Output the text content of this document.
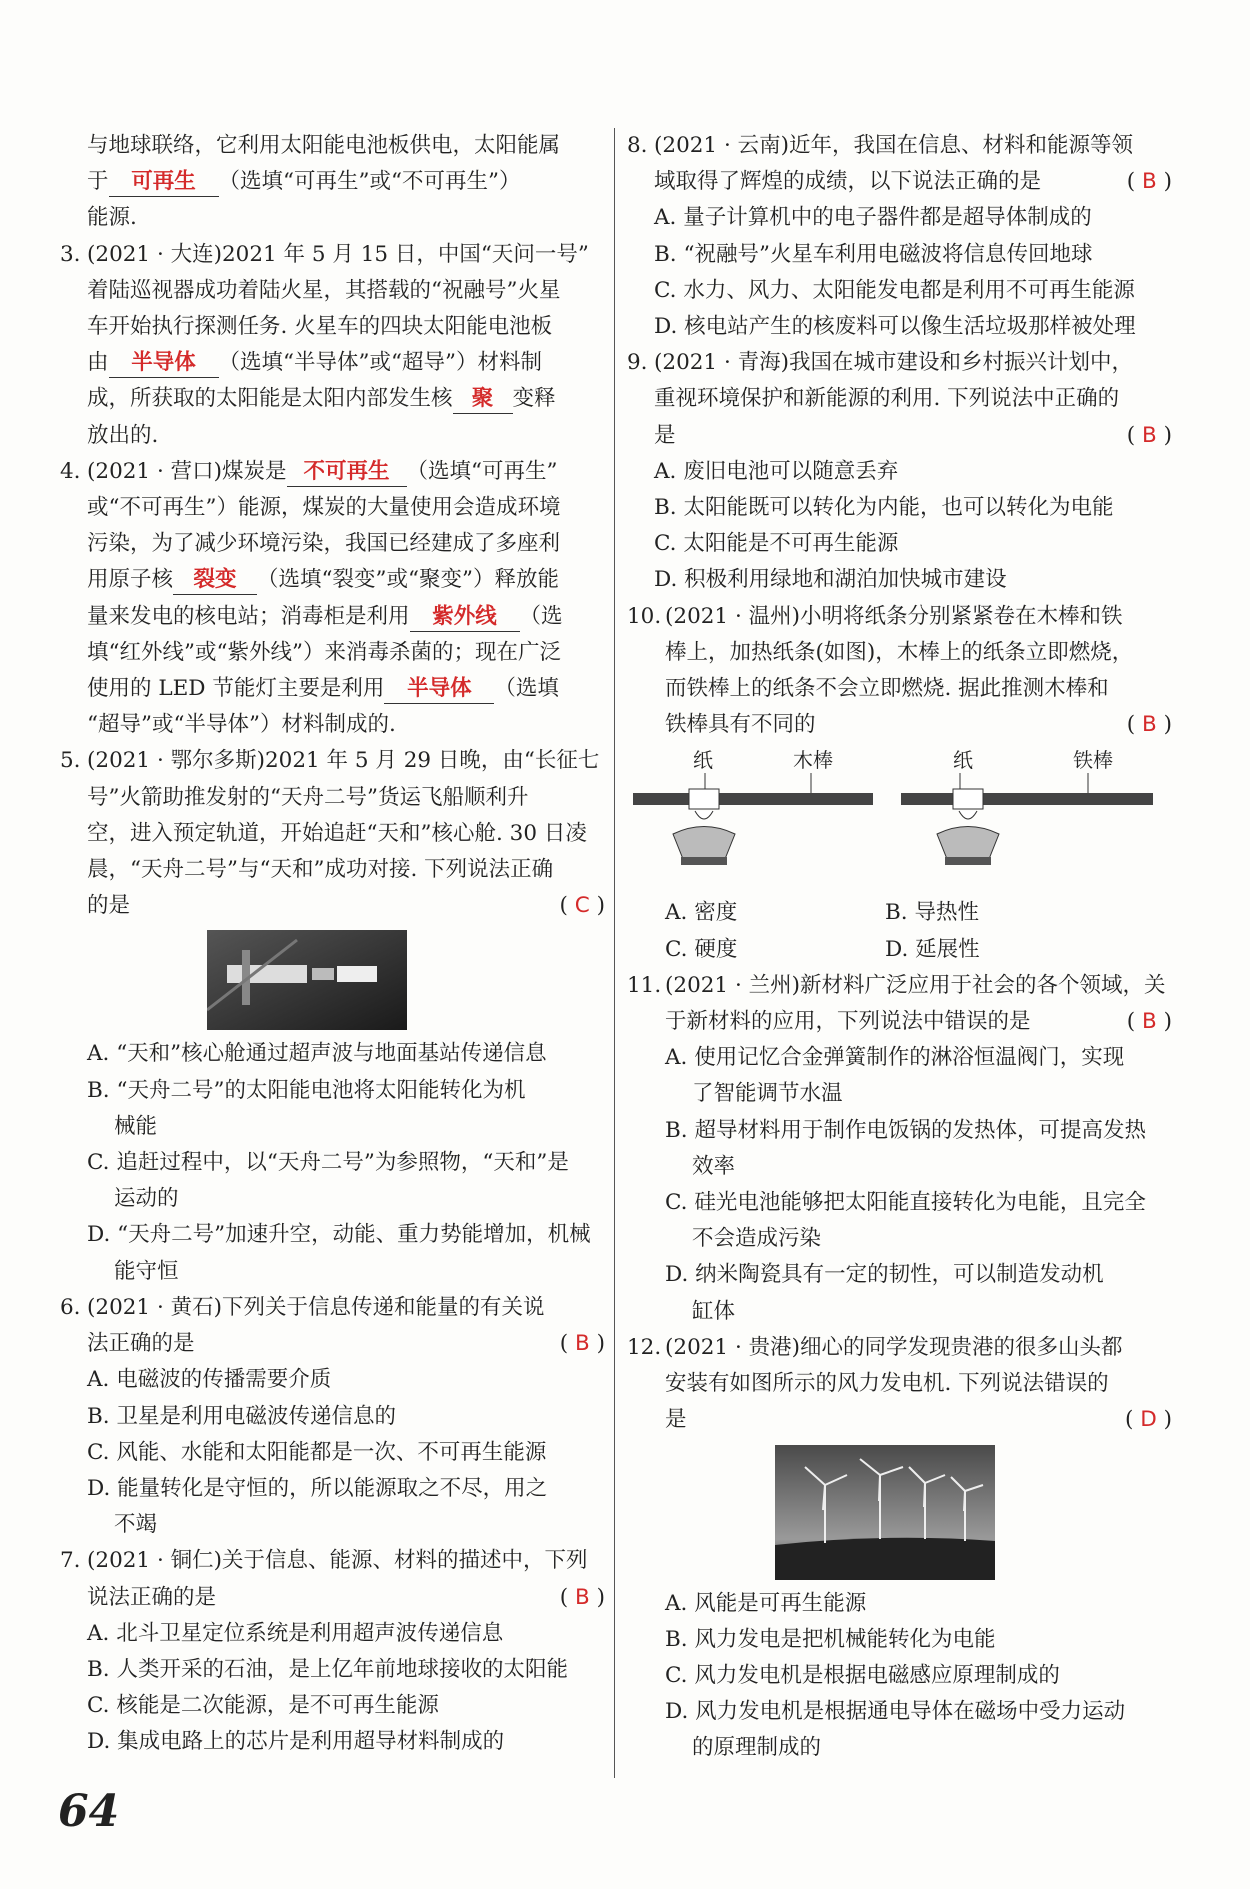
与地球联络，它利用太阳能电池板供电，太阳能属
于 可再生 （选填“可再生”或“不可再生”）
能源.
3. (2021 · 大连)2021 年 5 月 15 日，中国“天问一号”
着陆巡视器成功着陆火星，其搭载的“祝融号”火星
车开始执行探测任务. 火星车的四块太阳能电池板
由 半导体 （选填“半导体”或“超导”）材料制
成，所获取的太阳能是太阳内部发生核 聚 变释
放出的.
4. (2021 · 营口)煤炭是 不可再生 （选填“可再生”
或“不可再生”）能源，煤炭的大量使用会造成环境
污染，为了减少环境污染，我国已经建成了多座利
用原子核 裂变 （选填“裂变”或“聚变”）释放能
量来发电的核电站；消毒柜是利用 紫外线 （选
填“红外线”或“紫外线”）来消毒杀菌的；现在广泛
使用的 LED 节能灯主要是利用 半导体 （选填
“超导”或“半导体”）材料制成的.
5. (2021 · 鄂尔多斯)2021 年 5 月 29 日晚，由“长征七
号”火箭助推发射的“天舟二号”货运飞船顺利升
空，进入预定轨道，开始追赶“天和”核心舱. 30 日凌
晨，“天舟二号”与“天和”成功对接. 下列说法正确
的是	( C )
A. “天和”核心舱通过超声波与地面基站传递信息
B. “天舟二号”的太阳能电池将太阳能转化为机
械能
C. 追赶过程中，以“天舟二号”为参照物，“天和”是
运动的
D. “天舟二号”加速升空，动能、重力势能增加，机械
能守恒
6. (2021 · 黄石)下列关于信息传递和能量的有关说
法正确的是	( B )
A. 电磁波的传播需要介质
B. 卫星是利用电磁波传递信息的
C. 风能、水能和太阳能都是一次、不可再生能源
D. 能量转化是守恒的，所以能源取之不尽，用之
不竭
7. (2021 · 铜仁)关于信息、能源、材料的描述中，下列
说法正确的是	( B )
A. 北斗卫星定位系统是利用超声波传递信息
B. 人类开采的石油，是上亿年前地球接收的太阳能
C. 核能是二次能源，是不可再生能源
D. 集成电路上的芯片是利用超导材料制成的
8. (2021 · 云南)近年，我国在信息、材料和能源等领
域取得了辉煌的成绩，以下说法正确的是	( B )
A. 量子计算机中的电子器件都是超导体制成的
B. “祝融号”火星车利用电磁波将信息传回地球
C. 水力、风力、太阳能发电都是利用不可再生能源
D. 核电站产生的核废料可以像生活垃圾那样被处理
9. (2021 · 青海)我国在城市建设和乡村振兴计划中，
重视环境保护和新能源的利用. 下列说法中正确的
是	( B )
A. 废旧电池可以随意丢弃
B. 太阳能既可以转化为内能，也可以转化为电能
C. 太阳能是不可再生能源
D. 积极利用绿地和湖泊加快城市建设
10. (2021 · 温州)小明将纸条分别紧紧卷在木棒和铁
棒上，加热纸条(如图)，木棒上的纸条立即燃烧，
而铁棒上的纸条不会立即燃烧. 据此推测木棒和
铁棒具有不同的	( B )
纸	木棒	纸	铁棒
A. 密度	B. 导热性
C. 硬度	D. 延展性
11. (2021 · 兰州)新材料广泛应用于社会的各个领域，关
于新材料的应用，下列说法中错误的是	( B )
A. 使用记忆合金弹簧制作的淋浴恒温阀门，实现
了智能调节水温
B. 超导材料用于制作电饭锅的发热体，可提高发热
效率
C. 硅光电池能够把太阳能直接转化为电能，且完全
不会造成污染
D. 纳米陶瓷具有一定的韧性，可以制造发动机
缸体
12. (2021 · 贵港)细心的同学发现贵港的很多山头都
安装有如图所示的风力发电机. 下列说法错误的
是	( D )
A. 风能是可再生能源
B. 风力发电是把机械能转化为电能
C. 风力发电机是根据电磁感应原理制成的
D. 风力发电机是根据通电导体在磁场中受力运动
的原理制成的
64
